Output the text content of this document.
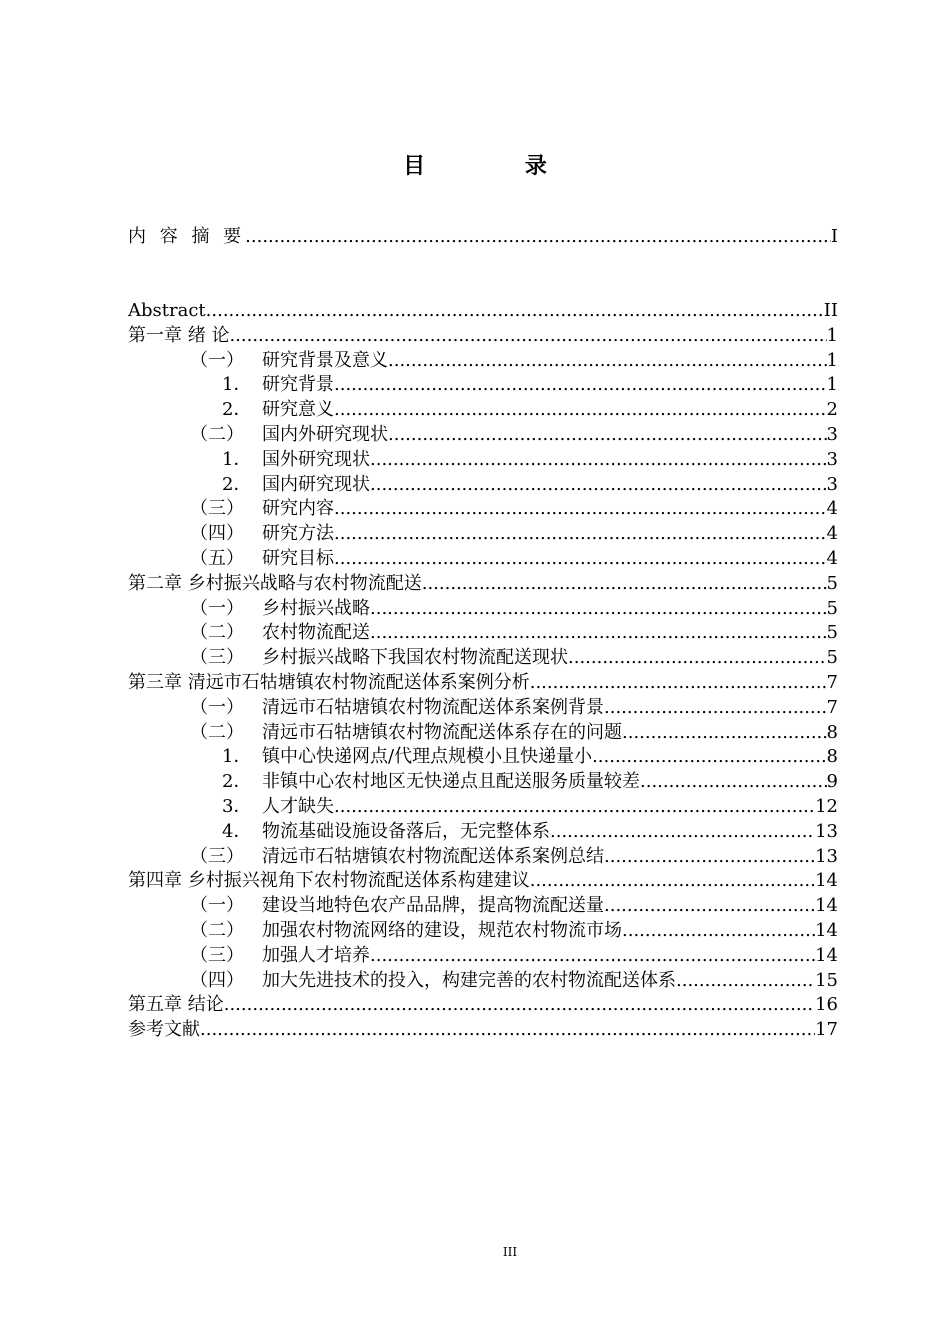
目 录
内 容 摘 要 .....	I
Abstract .....	II
第一章 绪 论 .....	1
（一）	研究背景及意义 .....	1
1． 研究背景 .....	1
2． 研究意义 .....	2
（二）	国内外研究现状 .....	3
1． 国外研究现状 .....	3
2． 国内研究现状 .....	3
（三）	研究内容 .....	4
（四）	研究方法 .....	4
（五）	研究目标 .....	4
第二章 乡村振兴战略与农村物流配送 .....	5
（一）	乡村振兴战略 .....	5
（二）	农村物流配送 .....	5
（三）	乡村振兴战略下我国农村物流配送现状 .....	5
第三章 清远市石牯塘镇农村物流配送体系案例分析 .....	7
（一）	清远市石牯塘镇农村物流配送体系案例背景 .....	7
（二）	清远市石牯塘镇农村物流配送体系存在的问题 .....	8
1． 镇中心快递网点/代理点规模小且快递量小 .....	8
2． 非镇中心农村地区无快递点且配送服务质量较差 .....	9
3． 人才缺失 .....	12
4． 物流基础设施设备落后，无完整体系 .....	13
（三）	清远市石牯塘镇农村物流配送体系案例总结 .....	13
第四章 乡村振兴视角下农村物流配送体系构建建议 .....	14
（一）	建设当地特色农产品品牌，提高物流配送量 .....	14
（二）	加强农村物流网络的建设，规范农村物流市场 .....	14
（三）	加强人才培养 .....	14
（四）	加大先进技术的投入，构建完善的农村物流配送体系 .....	15
第五章 结论 .....	16
参考文献 .....	17
III
